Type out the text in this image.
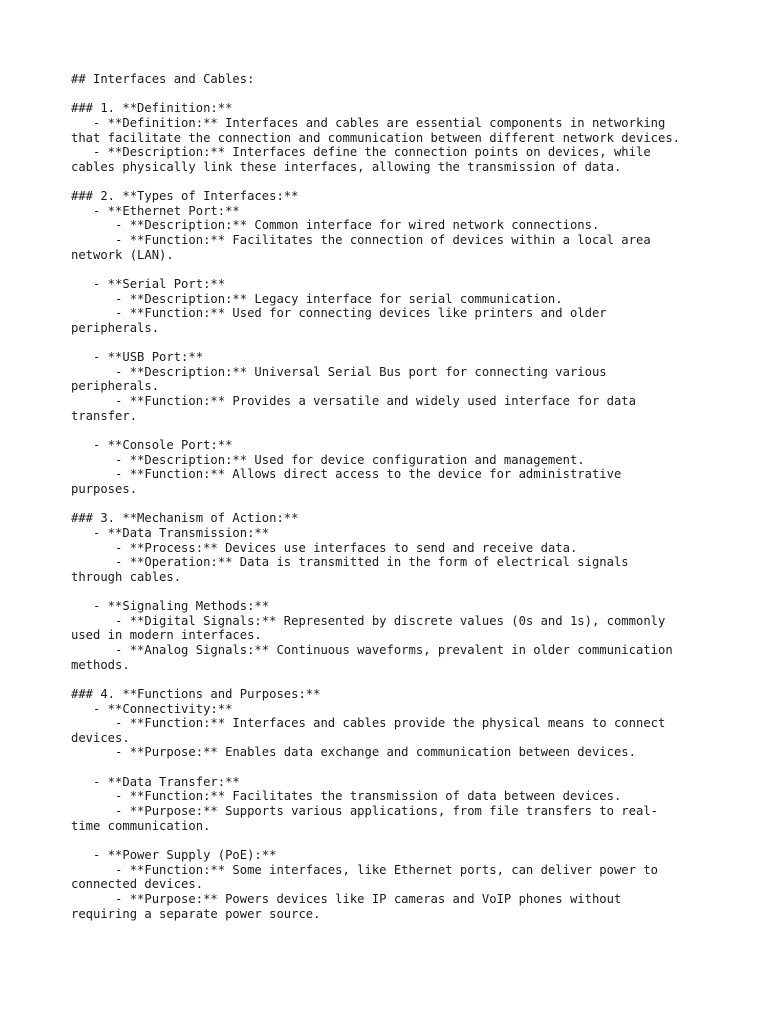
## Interfaces and Cables:
### 1. **Definition:**
- **Definition:** Interfaces and cables are essential components in networking
that facilitate the connection and communication between different network devices.
- **Description:** Interfaces define the connection points on devices, while
cables physically link these interfaces, allowing the transmission of data.
### 2. **Types of Interfaces:**
- **Ethernet Port:**
- **Description:** Common interface for wired network connections.
- **Function:** Facilitates the connection of devices within a local area
network (LAN).
- **Serial Port:**
- **Description:** Legacy interface for serial communication.
- **Function:** Used for connecting devices like printers and older
peripherals.
- **USB Port:**
- **Description:** Universal Serial Bus port for connecting various
peripherals.
- **Function:** Provides a versatile and widely used interface for data
transfer.
- **Console Port:**
- **Description:** Used for device configuration and management.
- **Function:** Allows direct access to the device for administrative
purposes.
### 3. **Mechanism of Action:**
- **Data Transmission:**
- **Process:** Devices use interfaces to send and receive data.
- **Operation:** Data is transmitted in the form of electrical signals
through cables.
- **Signaling Methods:**
- **Digital Signals:** Represented by discrete values (0s and 1s), commonly
used in modern interfaces.
- **Analog Signals:** Continuous waveforms, prevalent in older communication
methods.
### 4. **Functions and Purposes:**
- **Connectivity:**
- **Function:** Interfaces and cables provide the physical means to connect
devices.
- **Purpose:** Enables data exchange and communication between devices.
- **Data Transfer:**
- **Function:** Facilitates the transmission of data between devices.
- **Purpose:** Supports various applications, from file transfers to real-
time communication.
- **Power Supply (PoE):**
- **Function:** Some interfaces, like Ethernet ports, can deliver power to
connected devices.
- **Purpose:** Powers devices like IP cameras and VoIP phones without
requiring a separate power source.
